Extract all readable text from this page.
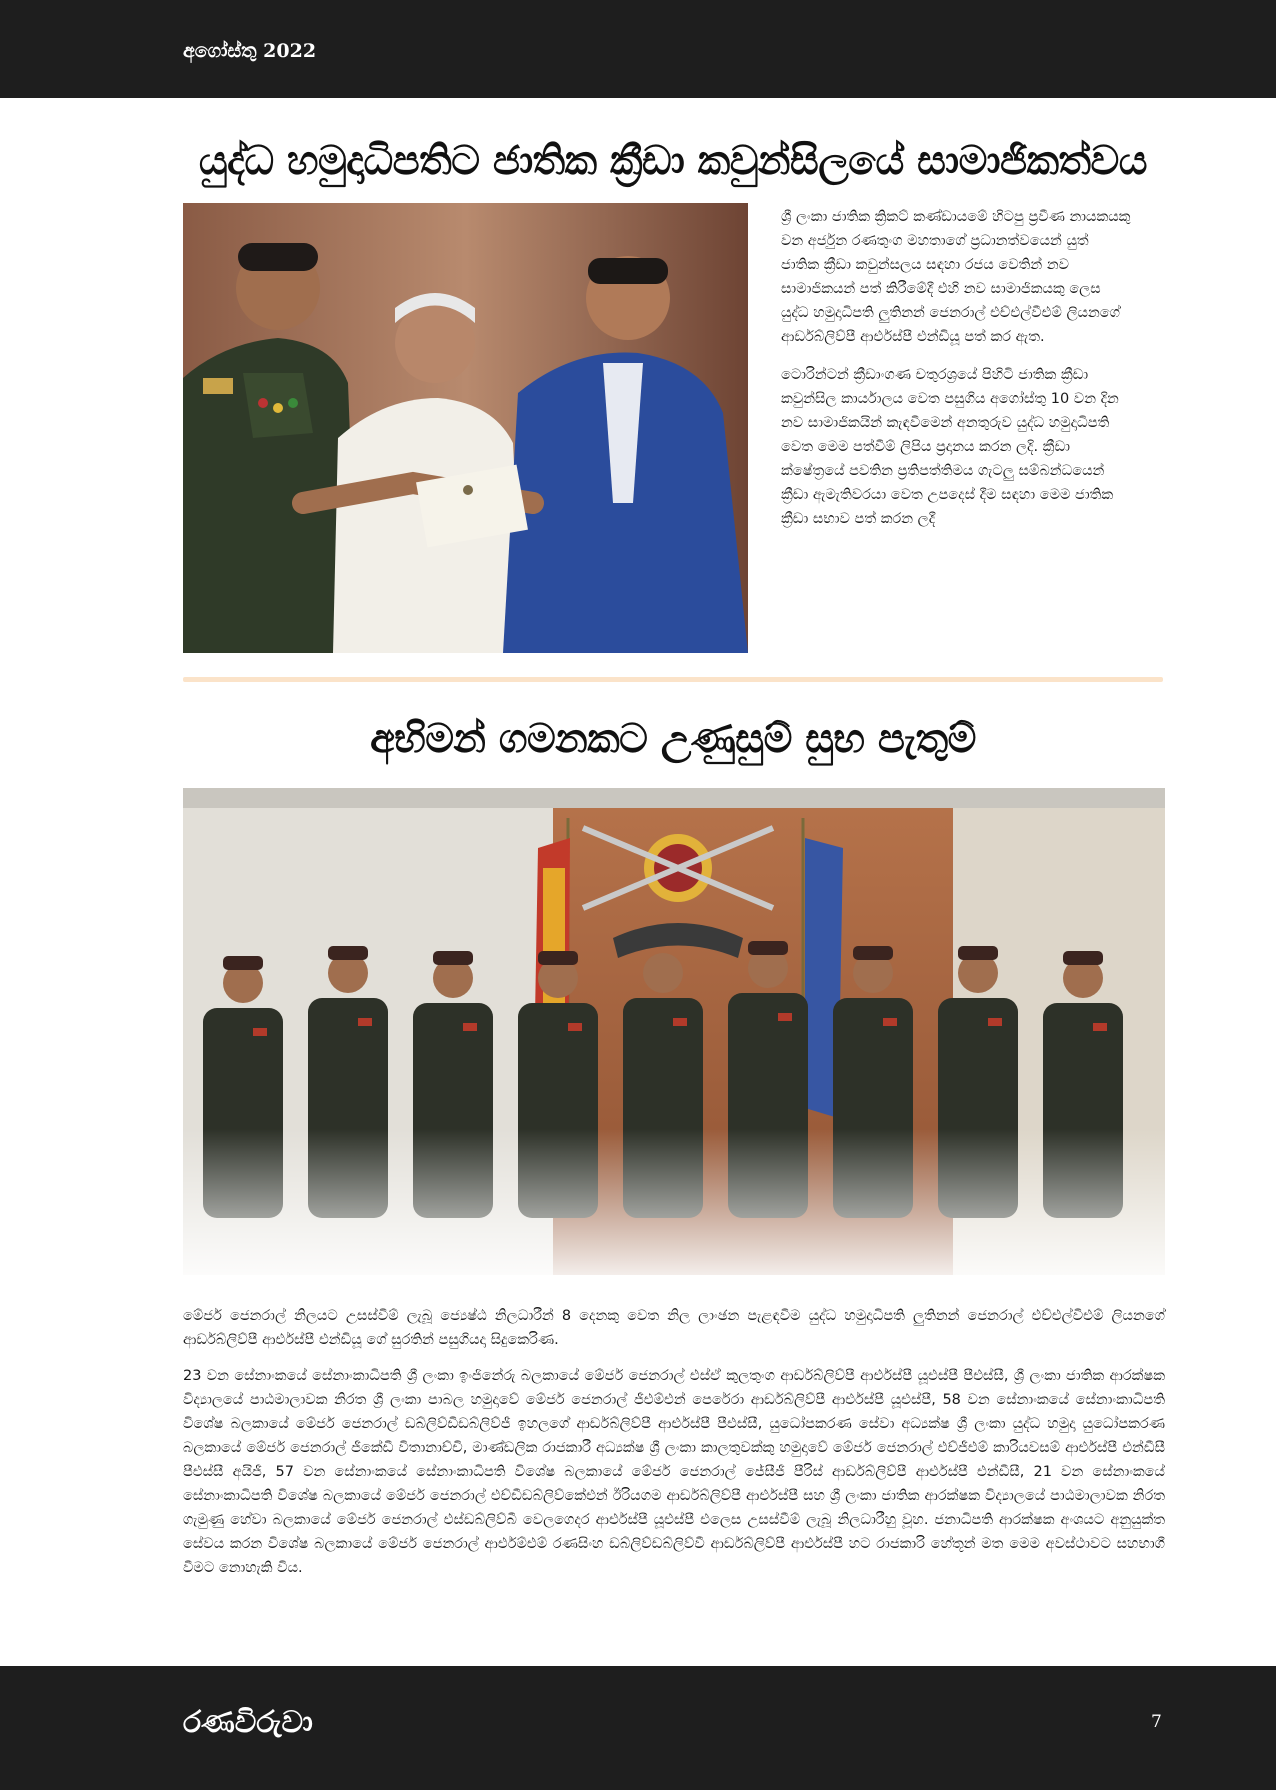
අගෝස්තු 2022
යුද්ධ හමුදාධිපතිට ජාතික ක්‍රීඩා කවුන්සිලයේ සාමාජිකත්වය

ශ්‍රී ලංකා ජාතික ක්‍රිකට් කණ්ඩායමේ හිටපු ප්‍රවීණ නායකයකු වන අර්ජුන රණතුංග මහතාගේ ප්‍රධානත්වයෙන් යුත් ජාතික ක්‍රීඩා කවුන්සලය සඳහා රජය වෙතින් නව සාමාජිකයන් පත් කිරීමේදී එහි නව සාමාජිකයකු ලෙස යුද්ධ හමුදාධිපති ලුතිනන් ජෙනරාල් එච්එල්වීඑම් ලියනගේ ආර්ඩබ්ලිව්පී ආර්එස්පී එන්ඩියූ පත් කර ඇත.

ටොරින්ටන් ක්‍රීඩාංගණ චතුරශ්‍රයේ පිහිටි ජාතික ක්‍රීඩා කවුන්සිල කාර්යාලය වෙත පසුගිය අගෝස්තු 10 වන දින නව සාමාජිකයින් කැඳවීමෙන් අනතුරුව යුද්ධ හමුදාධිපති වෙත මෙම පත්වීම් ලිපිය ප්‍රදානය කරන ලදි. ක්‍රීඩා ක්ෂේත්‍රයේ පවතින ප්‍රතිපත්තිමය ගැටලු සම්බන්ධයෙන් ක්‍රීඩා ඇමැතිවරයා වෙත උපදෙස් දීම සඳහා මෙම ජාතික ක්‍රීඩා සභාව පත් කරන ලදී

අභිමන් ගමනකට උණුසුම් සුභ පැතුම්

මේජර් ජෙනරාල් නිලයට උසස්වීම් ලැබූ ජ්‍යෙෂ්ඨ නිලධාරීන් 8 දෙනකු වෙත නිල ලාංඡන පැළඳවීම යුද්ධ හමුදාධිපති ලුතිනන් ජෙනරාල් එච්එල්වීඑම් ලියනගේ ආර්ඩබ්ලිව්පී ආර්එස්පී එන්ඩියූ ගේ සුරතින් පසුගියදා සිදුකෙරිණ.

23 වන සේනාංකයේ සේනාංකාධිපති ශ්‍රී ලංකා ඉංජිනේරු බලකායේ මේජර් ජෙනරාල් එස්ඒ කුලතුංග ආර්ඩබ්ලිව්පී ආර්එස්පී යූඑස්පී පීඑස්සී, ශ්‍රී ලංකා ජාතික ආරක්ෂක විද්‍යාලයේ පාඨමාලාවක නිරත ශ්‍රී ලංකා පාබල හමුදාවේ මේජර් ජෙනරාල් ජීඑම්එන් පෙරේරා ආර්ඩබ්ලිව්පී ආර්එස්පී යූඑස්පී, 58 වන සේනාංකයේ සේනාංකාධිපති විශේෂ බලකායේ මේජර් ජෙනරාල් ඩබ්ලිව්ඩීඩබ්ලිව්ජී ඉහලගේ ආර්ඩබ්ලිව්පී ආර්එස්පී පීඑස්සී, යුධෝපකරණ සේවා අධ්‍යක්ෂ ශ්‍රී ලංකා යුද්ධ හමුදා යුධෝපකරණ බලකායේ මේජර් ජෙනරාල් ජීකේඩී විතානාච්චි, මාණ්ඩලික රාජකාරී අධ්‍යක්ෂ ශ්‍රී ලංකා කාලතුවක්කු හමුදාවේ මේජර් ජෙනරාල් එච්ජීඑම් කාරියවසම් ආර්එස්පී එන්ඩීසී පීඑස්සී අයිජී, 57 වන සේනාංකයේ සේනාංකාධිපති විශේෂ බලකායේ මේජර් ජෙනරාල් ජේසීජී පීරිස් ආර්ඩබ්ලිව්පී ආර්එස්පී එන්ඩීසී, 21 වන සේනාංකයේ සේනාංකාධිපති විශේෂ බලකායේ මේජර් ජෙනරාල් එච්ඩීඩබ්ලිව්කේඑන් ඊරියගම ආර්ඩබ්ලිව්පී ආර්එස්පී සහ ශ්‍රී ලංකා ජාතික ආරක්ෂක විද්‍යාලයේ පාඨමාලාවක නිරත ගැමුණු හේවා බලකායේ මේජර් ජෙනරාල් එස්ඩබ්ලිව්බී වෙලගෙදර ආර්එස්පී යූඑස්පී එලෙස උසස්වීම් ලැබූ නිලධාරීහු වූහ. ජනාධිපති ආරක්ෂක අංශයට අනුයුක්ත සේවය කරන විශේෂ බලකායේ මේජර් ජෙනරාල් ආර්එම්එම් රණසිංහ ඩබ්ලිව්ඩබ්ලිව්වී ආර්ඩබ්ලිව්පී ආර්එස්පී හට රාජකාරි හේතූන් මත මෙම අවස්ථාවට සහභාගී වීමට නොහැකි විය.

රණවිරුවා	7
